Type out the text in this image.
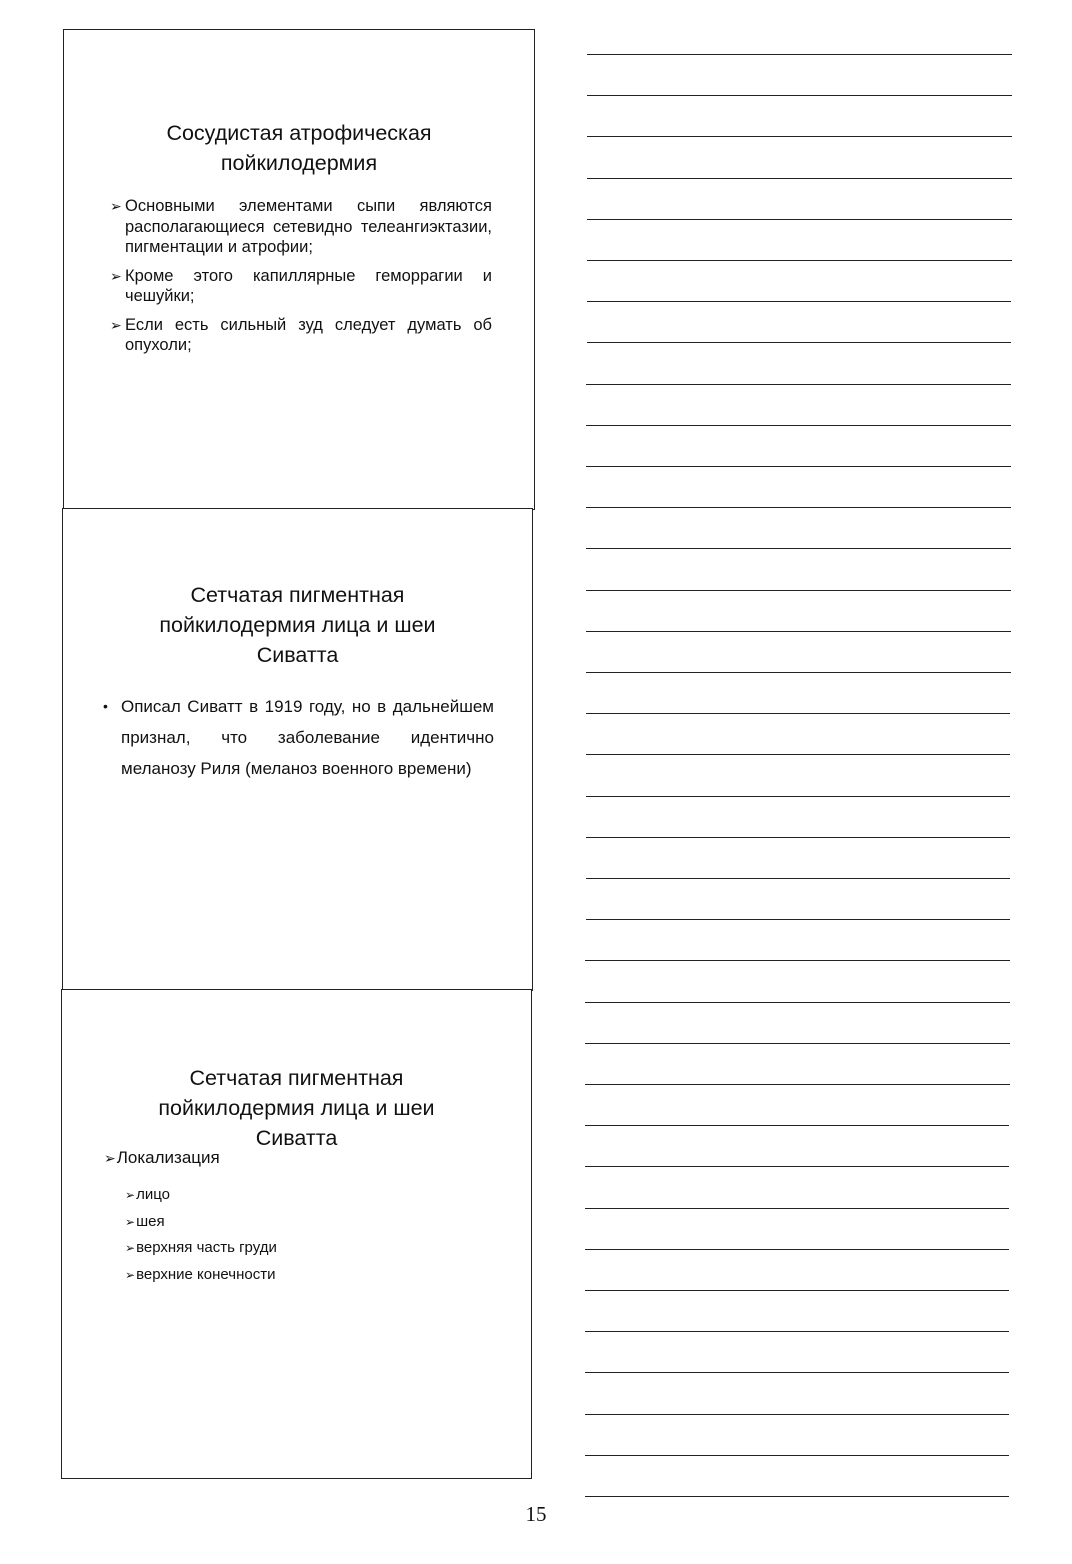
Сосудистая атрофическая
пойкилодермия
➢ Основными элементами сыпи являются располагающиеся сетевидно телеангиэктазии, пигментации и атрофии;
➢ Кроме этого капиллярные геморрагии и чешуйки;
➢ Если есть сильный зуд следует думать об опухоли;
Сетчатая пигментная
пойкилодермия лица и шеи
Сиватта
• Описал Сиватт в 1919 году, но в дальнейшем признал, что заболевание идентично меланозу Риля (меланоз военного времени)
Сетчатая пигментная
пойкилодермия лица и шеи
Сиватта
➢Локализация
➢лицо
➢шея
➢верхняя часть груди
➢верхние конечности
15
